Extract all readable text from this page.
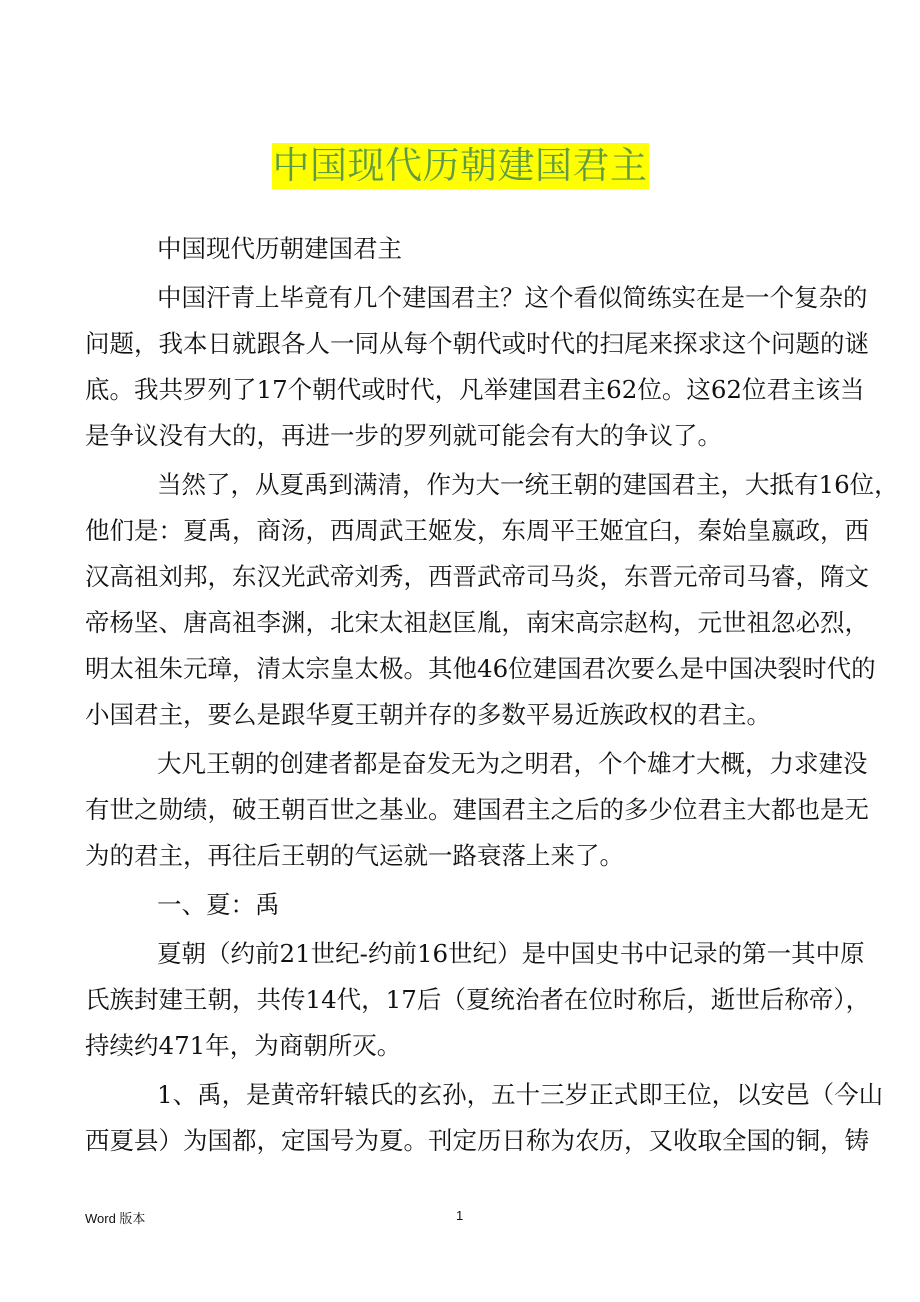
中国现代历朝建国君主
中国现代历朝建国君主
中国汗青上毕竟有几个建国君主？这个看似简练实在是一个复杂的
问题，我本日就跟各人一同从每个朝代或时代的扫尾来探求这个问题的谜
底。我共罗列了17个朝代或时代，凡举建国君主62位。这62位君主该当
是争议没有大的，再进一步的罗列就可能会有大的争议了。
当然了，从夏禹到满清，作为大一统王朝的建国君主，大抵有16位，
他们是：夏禹，商汤，西周武王姬发，东周平王姬宜臼，秦始皇嬴政，西
汉高祖刘邦，东汉光武帝刘秀，西晋武帝司马炎，东晋元帝司马睿，隋文
帝杨坚、唐高祖李渊，北宋太祖赵匡胤，南宋高宗赵构，元世祖忽必烈，
明太祖朱元璋，清太宗皇太极。其他46位建国君次要么是中国决裂时代的
小国君主，要么是跟华夏王朝并存的多数平易近族政权的君主。
大凡王朝的创建者都是奋发无为之明君，个个雄才大概，力求建没
有世之勋绩，破王朝百世之基业。建国君主之后的多少位君主大都也是无
为的君主，再往后王朝的气运就一路衰落上来了。
一、夏：禹
夏朝（约前21世纪-约前16世纪）是中国史书中记录的第一其中原
氏族封建王朝，共传14代，17后（夏统治者在位时称后，逝世后称帝），
持续约471年，为商朝所灭。
1、禹，是黄帝轩辕氏的玄孙，五十三岁正式即王位，以安邑（今山
西夏县）为国都，定国号为夏。刊定历日称为农历，又收取全国的铜，铸
Word 版本	1
